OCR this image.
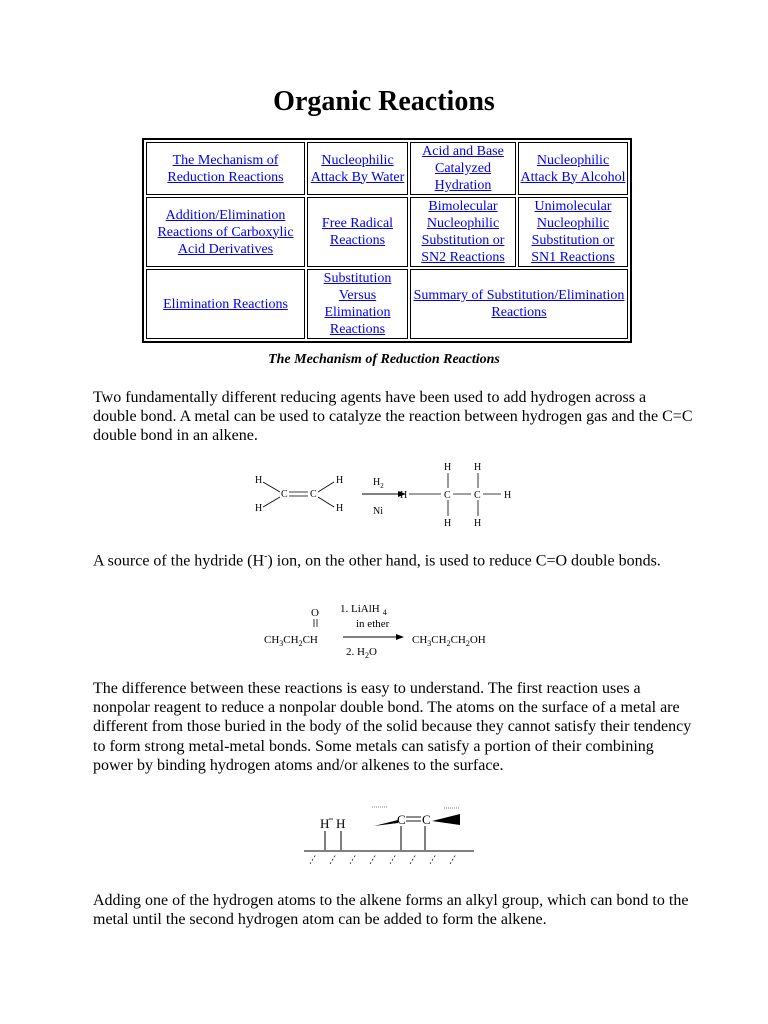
Organic Reactions
The Mechanism of Reduction Reactions	Nucleophilic Attack By Water	Acid and Base Catalyzed Hydration	Nucleophilic Attack By Alcohol
Addition/Elimination Reactions of Carboxylic Acid Derivatives	Free Radical Reactions	Bimolecular Nucleophilic Substitution or SN2 Reactions	Unimolecular Nucleophilic Substitution or SN1 Reactions
Elimination Reactions	Substitution Versus Elimination Reactions	Summary of Substitution/Elimination Reactions	
The Mechanism of Reduction Reactions

Two fundamentally different reducing agents have been used to add hydrogen across a double bond. A metal can be used to catalyze the reaction between hydrogen gas and the C=C double bond in an alkene.

H
H
C C
H
H
$H_2$
Ni
H
H
C
H
H
C
H
H

A source of the hydride (H-) ion, on the other hand, is used to reduce C=O double bonds.

O
$CH_3CH_2CH$
1. LiAlH $_4$
in ether
2. $H_2O$
$CH_3CH_2CH_2OH$

The difference between these reactions is easy to understand. The first reaction uses a nonpolar reagent to reduce a nonpolar double bond. The atoms on the surface of a metal are different from those buried in the body of the solid because they cannot satisfy their tendency to form strong metal-metal bonds. Some metals can satisfy a portion of their combining power by binding hydrogen atoms and/or alkenes to the surface.

H H	C C

Adding one of the hydrogen atoms to the alkene forms an alkyl group, which can bond to the metal until the second hydrogen atom can be added to form the alkene.
